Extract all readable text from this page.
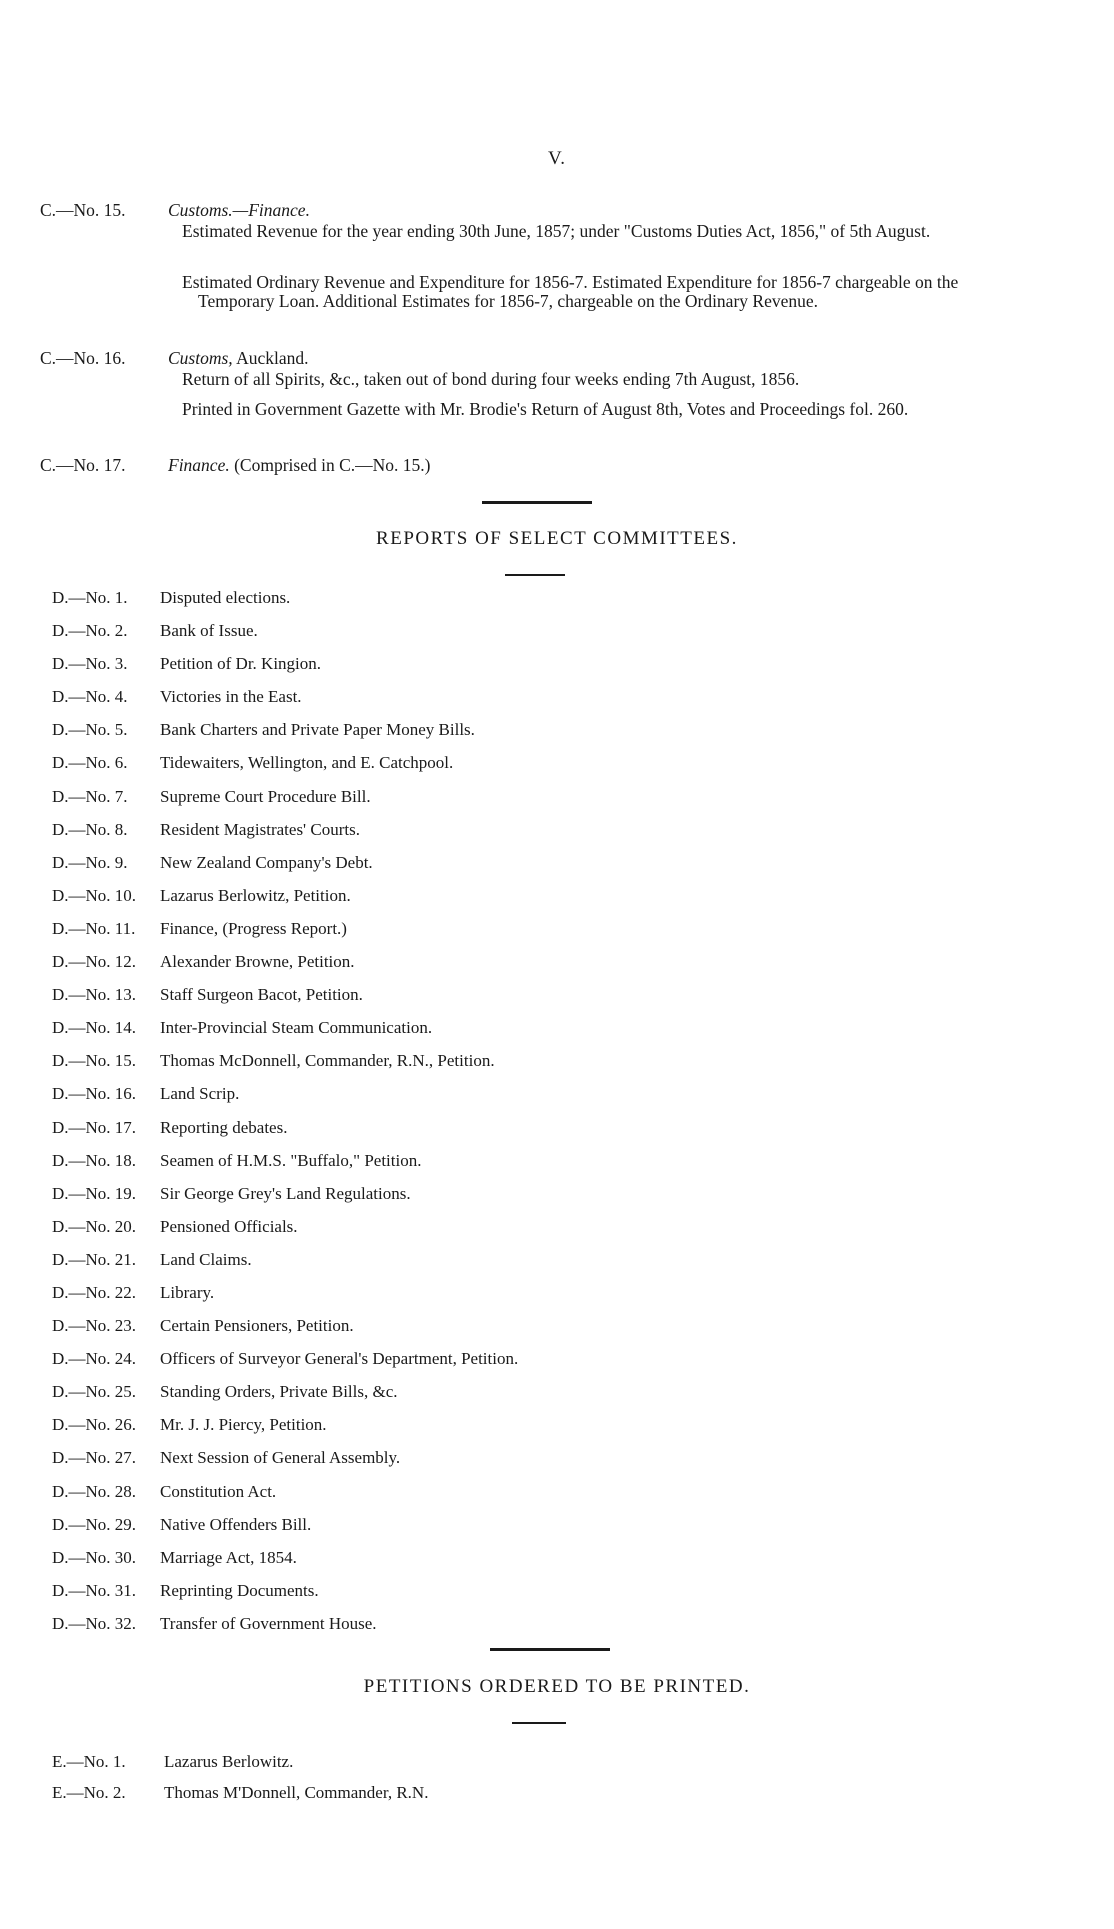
V.
C.—No. 15.	Customs.—Finance.
Estimated Revenue for the year ending 30th June, 1857; under "Customs Duties Act, 1856," of 5th August.
Estimated Ordinary Revenue and Expenditure for 1856-7. Estimated Expenditure for 1856-7 chargeable on the Temporary Loan. Additional Estimates for 1856-7, chargeable on the Ordinary Revenue.
C.—No. 16.	Customs, Auckland.
Return of all Spirits, &c., taken out of bond during four weeks ending 7th August, 1856.
Printed in Government Gazette with Mr. Brodie's Return of August 8th, Votes and Proceedings fol. 260.
C.—No. 17.	Finance. (Comprised in C.—No. 15.)
REPORTS OF SELECT COMMITTEES.
D.—No. 1.	Disputed elections.
D.—No. 2.	Bank of Issue.
D.—No. 3.	Petition of Dr. Kingion.
D.—No. 4.	Victories in the East.
D.—No. 5.	Bank Charters and Private Paper Money Bills.
D.—No. 6.	Tidewaiters, Wellington, and E. Catchpool.
D.—No. 7.	Supreme Court Procedure Bill.
D.—No. 8.	Resident Magistrates' Courts.
D.—No. 9.	New Zealand Company's Debt.
D.—No. 10.	Lazarus Berlowitz, Petition.
D.—No. 11.	Finance, (Progress Report.)
D.—No. 12.	Alexander Browne, Petition.
D.—No. 13.	Staff Surgeon Bacot, Petition.
D.—No. 14.	Inter-Provincial Steam Communication.
D.—No. 15.	Thomas McDonnell, Commander, R.N., Petition.
D.—No. 16.	Land Scrip.
D.—No. 17.	Reporting debates.
D.—No. 18.	Seamen of H.M.S. "Buffalo," Petition.
D.—No. 19.	Sir George Grey's Land Regulations.
D.—No. 20.	Pensioned Officials.
D.—No. 21.	Land Claims.
D.—No. 22.	Library.
D.—No. 23.	Certain Pensioners, Petition.
D.—No. 24.	Officers of Surveyor General's Department, Petition.
D.—No. 25.	Standing Orders, Private Bills, &c.
D.—No. 26.	Mr. J. J. Piercy, Petition.
D.—No. 27.	Next Session of General Assembly.
D.—No. 28.	Constitution Act.
D.—No. 29.	Native Offenders Bill.
D.—No. 30.	Marriage Act, 1854.
D.—No. 31.	Reprinting Documents.
D.—No. 32.	Transfer of Government House.
PETITIONS ORDERED TO BE PRINTED.
E.—No. 1.	Lazarus Berlowitz.
E.—No. 2.	Thomas M'Donnell, Commander, R.N.
